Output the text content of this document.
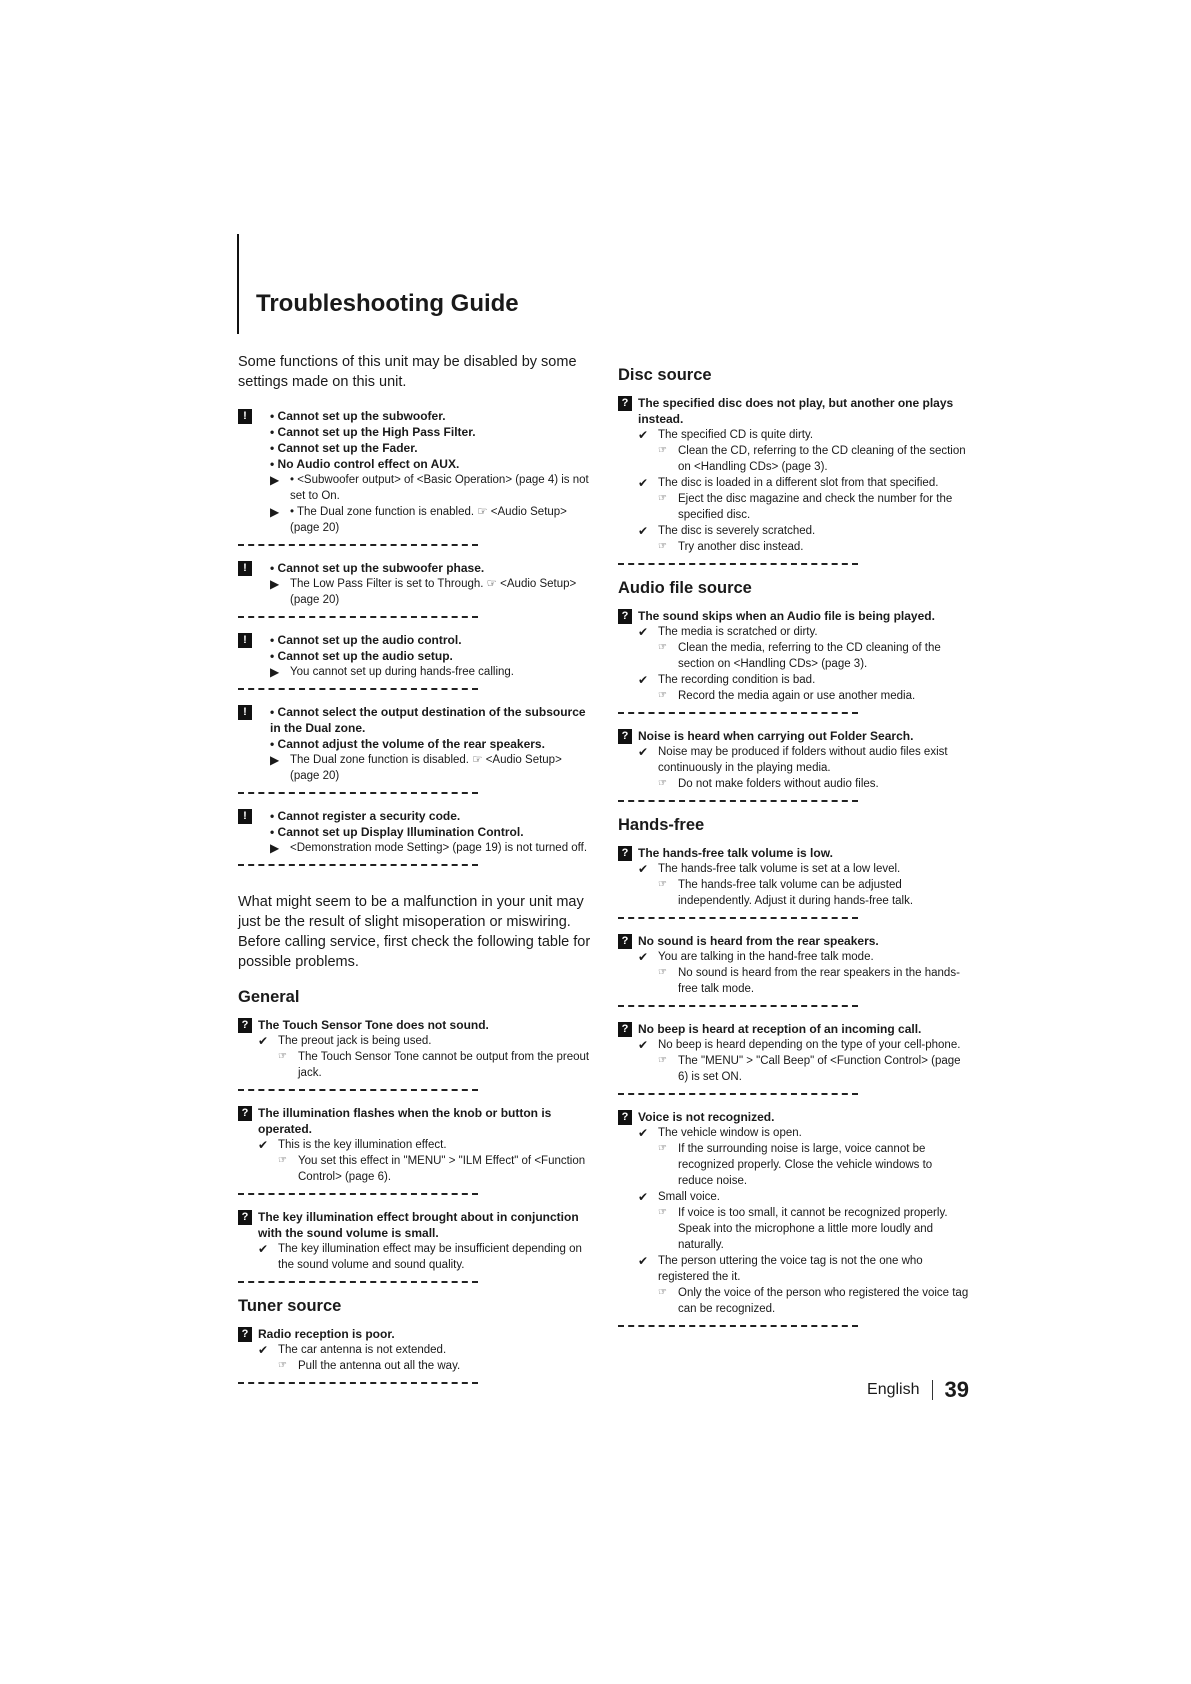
Troubleshooting Guide

Some functions of this unit may be disabled by some settings made on this unit.

!	• Cannot set up the subwoofer.
• Cannot set up the High Pass Filter.
• Cannot set up the Fader.
• No Audio control effect on AUX.
▶ • <Subwoofer output> of <Basic Operation> (page 4) is not set to On.
▶ • The Dual zone function is enabled. ☞ <Audio Setup> (page 20)
!	• Cannot set up the subwoofer phase.
▶ The Low Pass Filter is set to Through. ☞ <Audio Setup> (page 20)
!	• Cannot set up the audio control.
• Cannot set up the audio setup.
▶ You cannot set up during hands-free calling.
!	• Cannot select the output destination of the subsource in the Dual zone.
• Cannot adjust the volume of the rear speakers.
▶ The Dual zone function is disabled. ☞ <Audio Setup> (page 20)
!	• Cannot register a security code.
• Cannot set up Display Illumination Control.
▶ <Demonstration mode Setting> (page 19) is not turned off.

What might seem to be a malfunction in your unit may just be the result of slight misoperation or miswiring. Before calling service, first check the following table for possible problems.

General
? The Touch Sensor Tone does not sound.
✔ The preout jack is being used.
☞ The Touch Sensor Tone cannot be output from the preout jack.
? The illumination flashes when the knob or button is operated.
✔ This is the key illumination effect.
☞ You set this effect in "MENU" > "ILM Effect" of <Function Control> (page 6).
? The key illumination effect brought about in conjunction with the sound volume is small.
✔ The key illumination effect may be insufficient depending on the sound volume and sound quality.
Tuner source
? Radio reception is poor.
✔ The car antenna is not extended.
☞ Pull the antenna out all the way.
Disc source
? The specified disc does not play, but another one plays instead.
✔ The specified CD is quite dirty.
☞ Clean the CD, referring to the CD cleaning of the section on <Handling CDs> (page 3).
✔ The disc is loaded in a different slot from that specified.
☞ Eject the disc magazine and check the number for the specified disc.
✔ The disc is severely scratched.
☞ Try another disc instead.
Audio file source
? The sound skips when an Audio file is being played.
✔ The media is scratched or dirty.
☞ Clean the media, referring to the CD cleaning of the section on <Handling CDs> (page 3).
✔ The recording condition is bad.
☞ Record the media again or use another media.
? Noise is heard when carrying out Folder Search.
✔ Noise may be produced if folders without audio files exist continuously in the playing media.
☞ Do not make folders without audio files.
Hands-free
? The hands-free talk volume is low.
✔ The hands-free talk volume is set at a low level.
☞ The hands-free talk volume can be adjusted independently. Adjust it during hands-free talk.
? No sound is heard from the rear speakers.
✔ You are talking in the hand-free talk mode.
☞ No sound is heard from the rear speakers in the hands-free talk mode.
? No beep is heard at reception of an incoming call.
✔ No beep is heard depending on the type of your cell-phone.
☞ The "MENU" > "Call Beep" of <Function Control> (page 6) is set ON.
? Voice is not recognized.
✔ The vehicle window is open.
☞ If the surrounding noise is large, voice cannot be recognized properly. Close the vehicle windows to reduce noise.
✔ Small voice.
☞ If voice is too small, it cannot be recognized properly. Speak into the microphone a little more loudly and naturally.
✔ The person uttering the voice tag is not the one who registered the it.
☞ Only the voice of the person who registered the voice tag can be recognized.
English 39
